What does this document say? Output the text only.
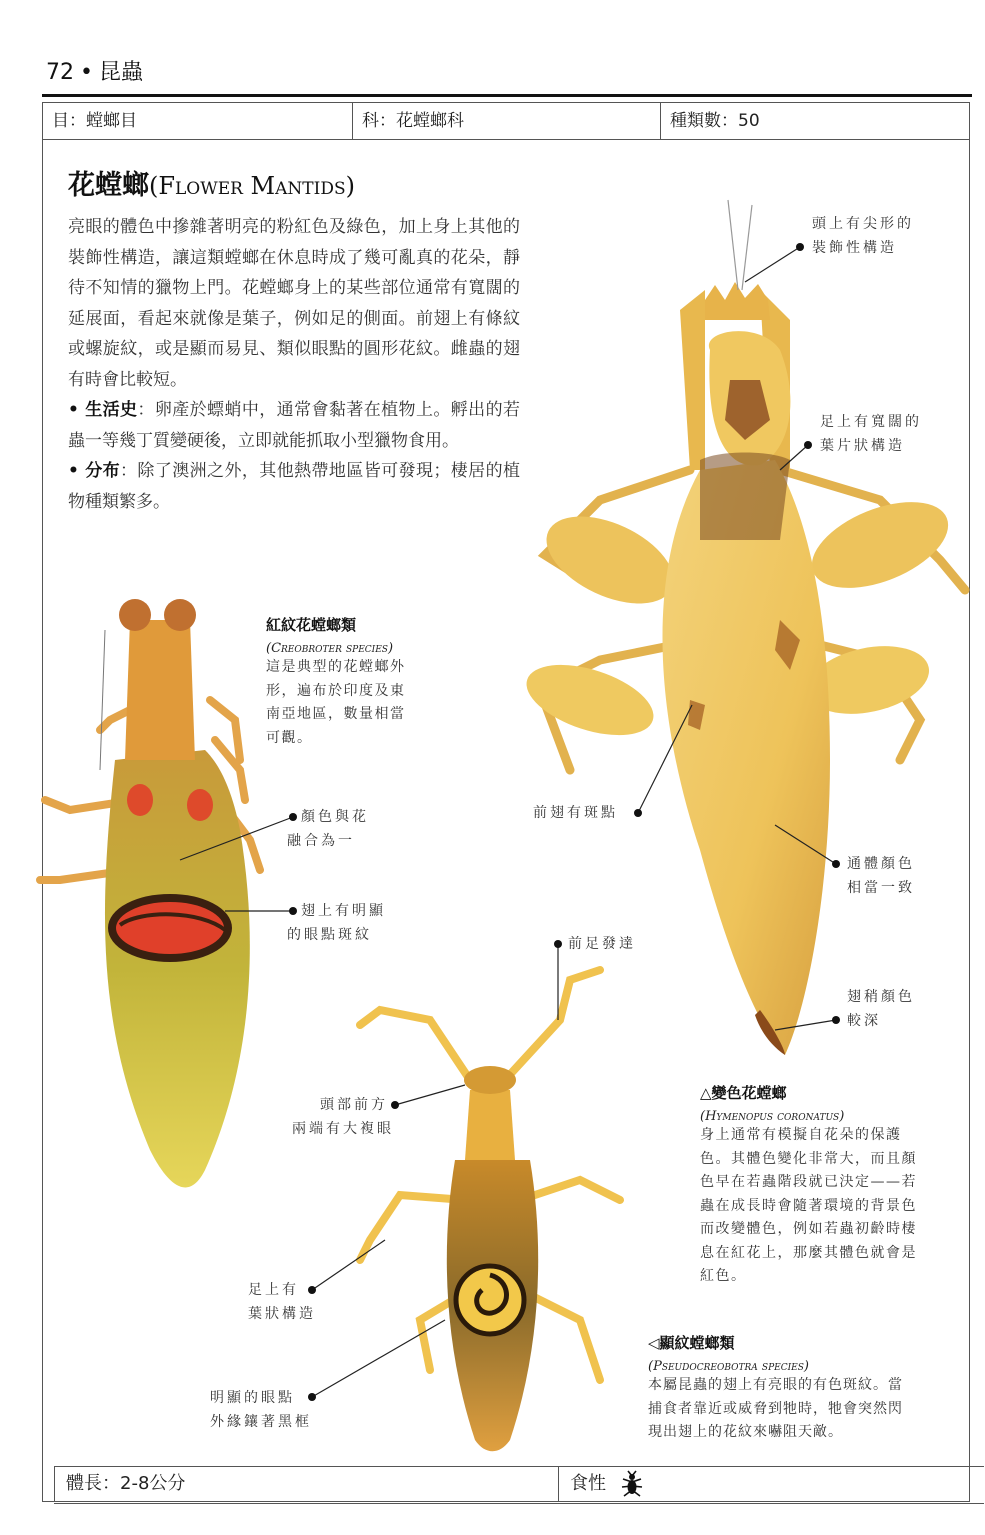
72 • 昆蟲
目：螳螂目	科：花螳螂科	種類數：50
花螳螂(Flower Mantids)

亮眼的體色中摻雜著明亮的粉紅色及綠色，加上身上其他的裝飾性構造，讓這類螳螂在休息時成了幾可亂真的花朵，靜待不知情的獵物上門。花螳螂身上的某些部位通常有寬闊的延展面，看起來就像是葉子，例如足的側面。前翅上有條紋或螺旋紋，或是顯而易見、類似眼點的圓形花紋。雌蟲的翅有時會比較短。

• 生活史：卵產於螵蛸中，通常會黏著在植物上。孵出的若蟲一等幾丁質變硬後，立即就能抓取小型獵物食用。

• 分布：除了澳洲之外，其他熱帶地區皆可發現；棲居的植物種類繁多。

紅紋花螳螂類
(Creobroter species)
這是典型的花螳螂外
形，遍布於印度及東
南亞地區，數量相當
可觀。
△變色花螳螂
(Hymenopus coronatus)
身上通常有模擬自花朵的保護
色。其體色變化非常大，而且顏
色早在若蟲階段就已決定——若
蟲在成長時會隨著環境的背景色
而改變體色，例如若蟲初齡時棲
息在紅花上，那麼其體色就會是
紅色。
◁顯紋螳螂類
(Pseudocreobotra species)
本屬昆蟲的翅上有亮眼的有色斑紋。當
捕食者靠近或威脅到牠時，牠會突然閃
現出翅上的花紋來嚇阻天敵。
頭上有尖形的
裝飾性構造
足上有寬闊的
葉片狀構造
前翅有斑點
通體顏色
相當一致
翅稍顏色
較深
顏色與花
融合為一
翅上有明顯
的眼點斑紋
前足發達
頭部前方
兩端有大複眼
足上有
葉狀構造
明顯的眼點
外緣鑲著黑框
體長：2-8公分	食性
